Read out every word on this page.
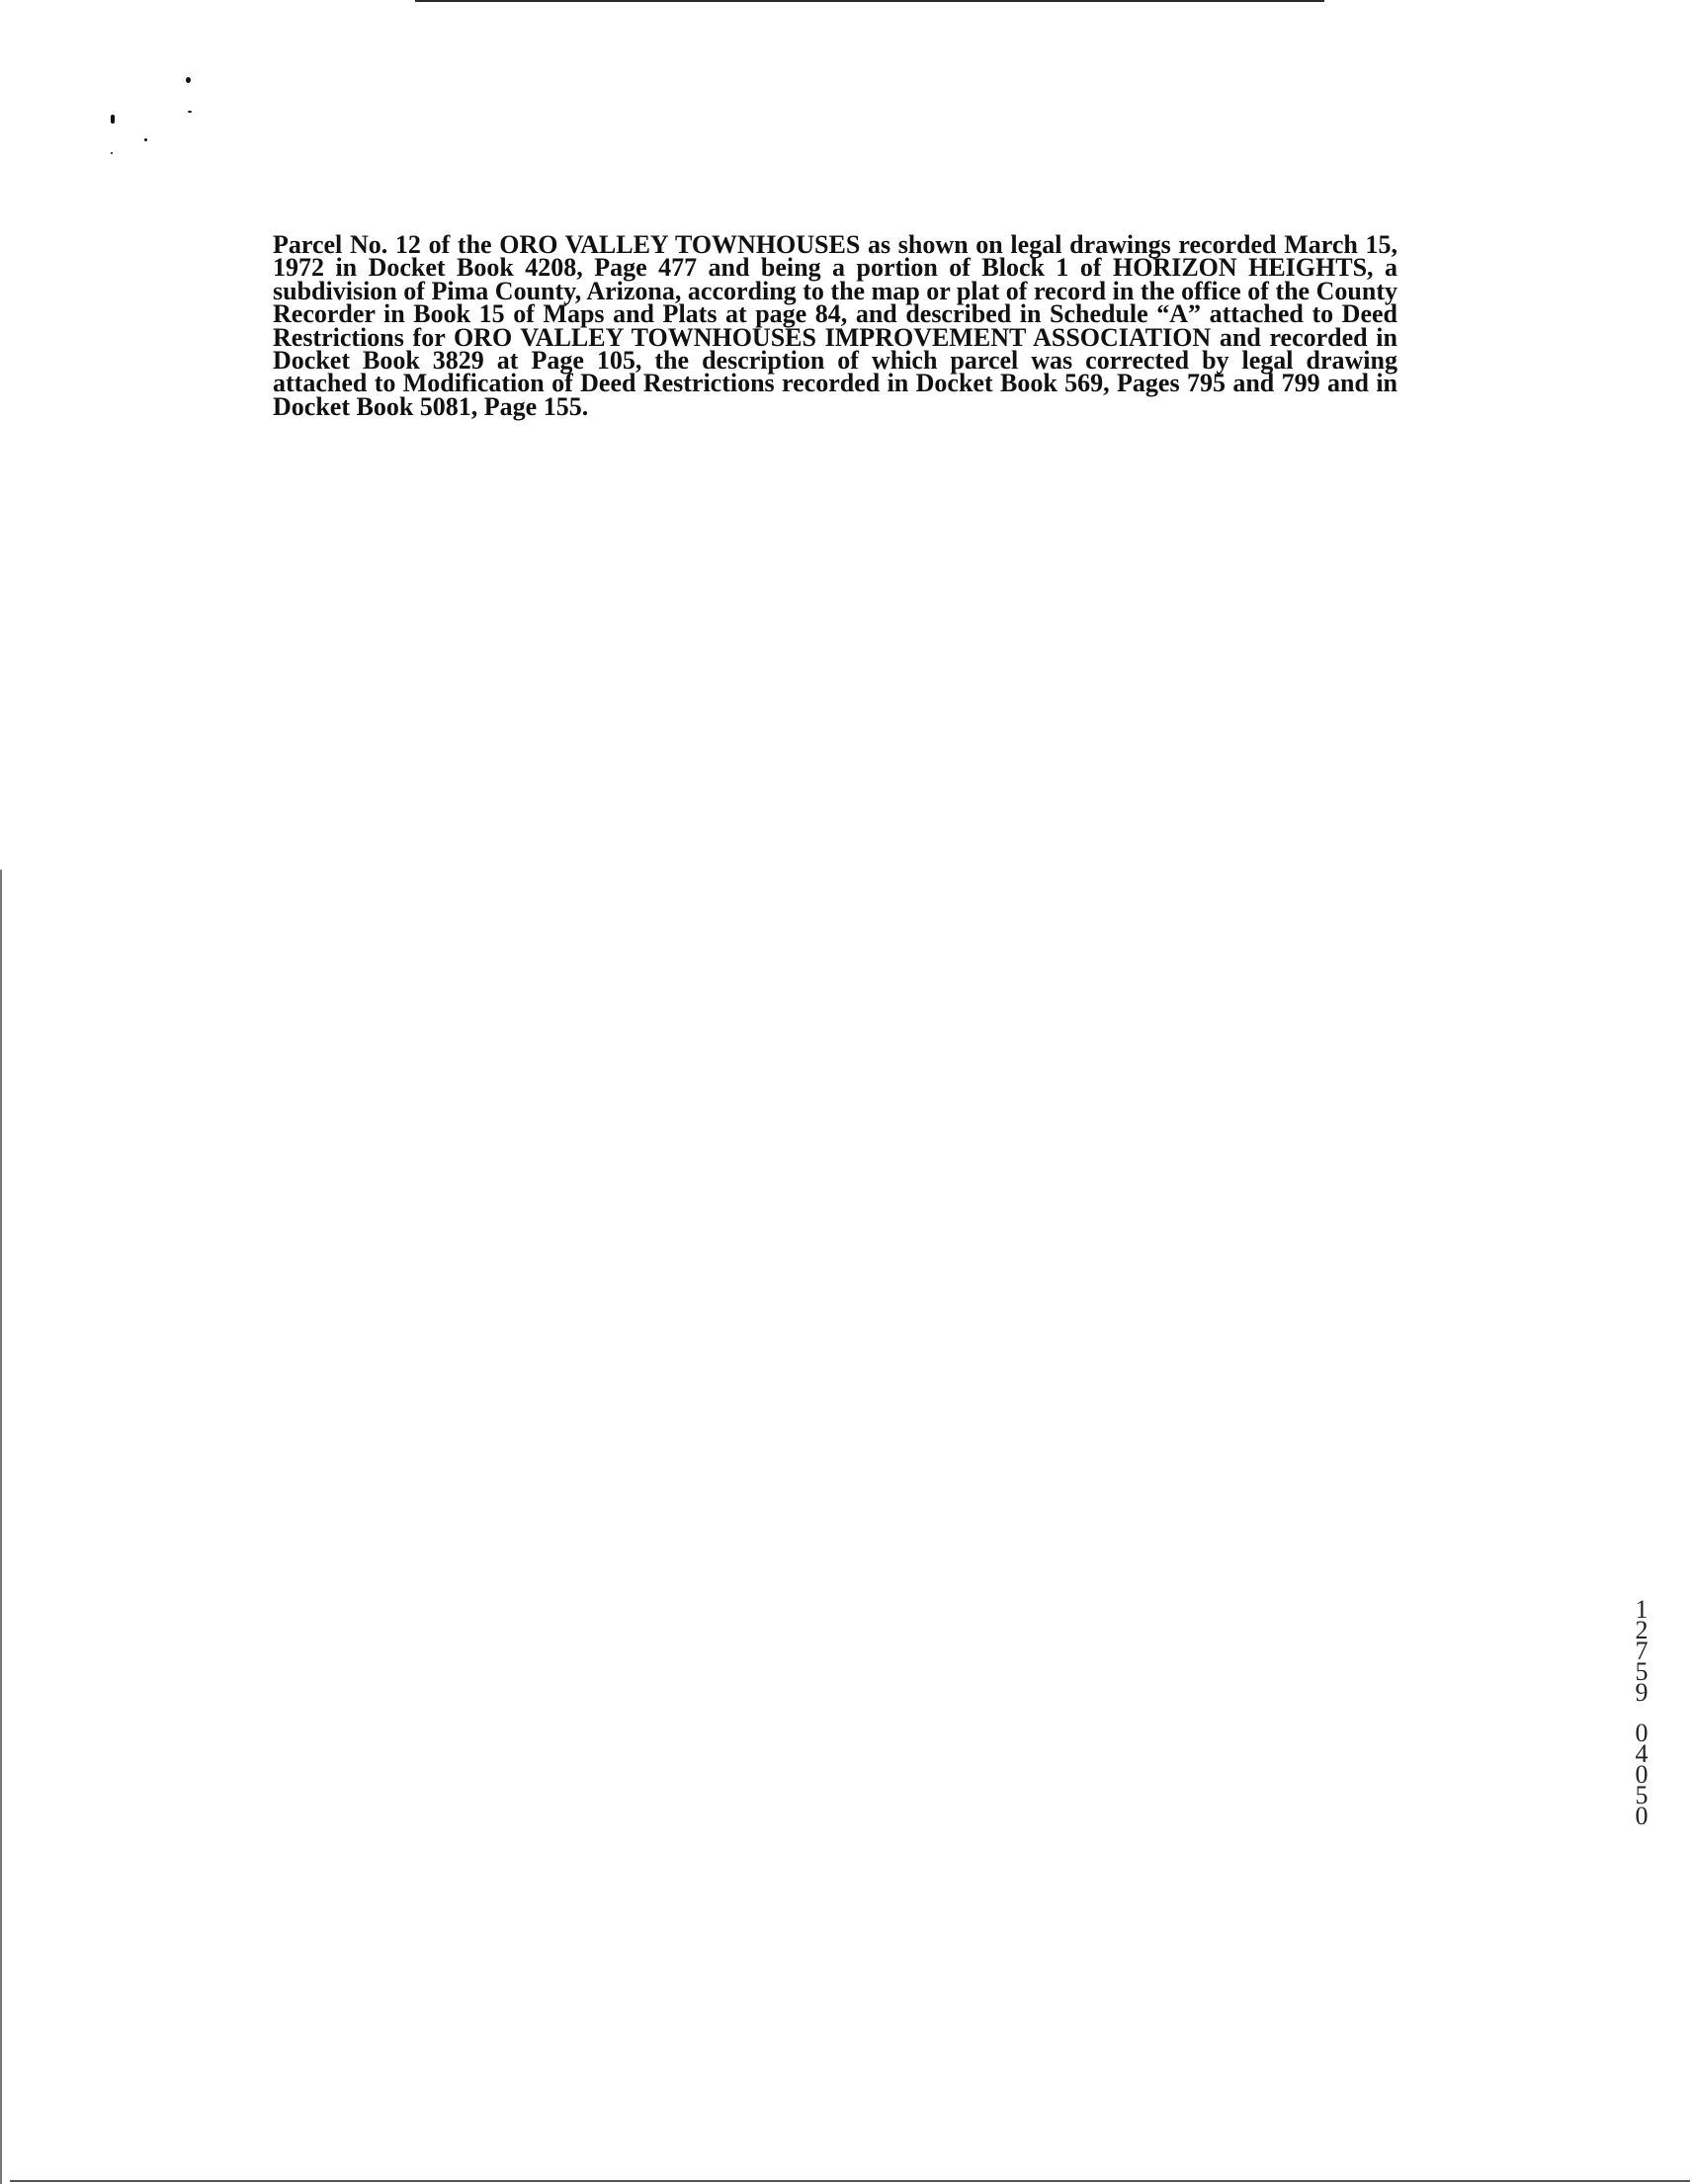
Parcel No. 12 of the ORO VALLEY TOWNHOUSES as shown on legal drawings recorded March 15, 1972 in Docket Book 4208, Page 477 and being a portion of Block 1 of HORIZON HEIGHTS, a subdivision of Pima County, Arizona, according to the map or plat of record in the office of the County Recorder in Book 15 of Maps and Plats at page 84, and described in Schedule “A” attached to Deed Restrictions for ORO VALLEY TOWNHOUSES IMPROVEMENT ASSOCIATION and recorded in Docket Book 3829 at Page 105, the description of which parcel was corrected by legal drawing attached to Modification of Deed Restrictions recorded in Docket Book 569, Pages 795 and 799 and in Docket Book 5081, Page 155.

12759
04050
